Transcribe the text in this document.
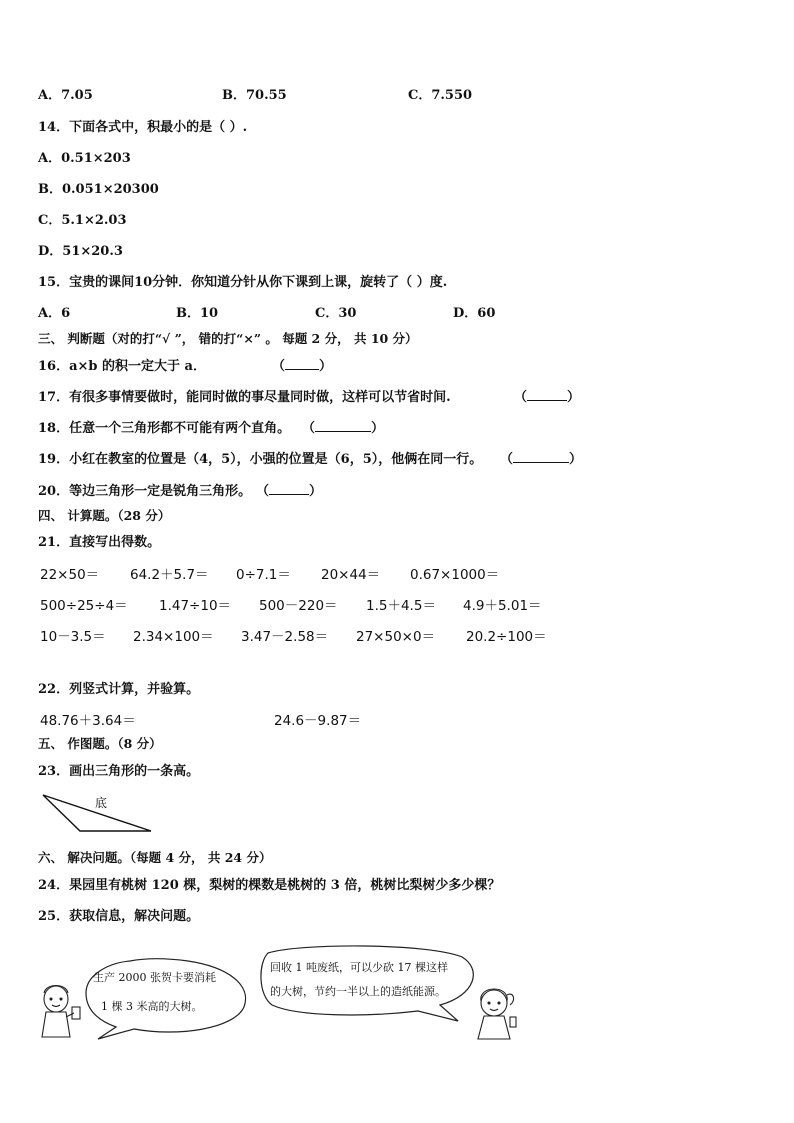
A．7.05	B．70.55	C．7.550
14．下面各式中，积最小的是（ ）.
A．0.51×203
B．0.051×20300
C．5.1×2.03
D．51×20.3
15．宝贵的课间10分钟．你知道分针从你下课到上课，旋转了（ ）度.
A．6	B．10	C．30	D．60
三、 判断题（对的打“√ ”， 错的打“×” 。 每题 2 分， 共 10 分）
16．a×b 的积一定大于 a．	（	）
17．有很多事情要做时，能同时做的事尽量同时做，这样可以节省时间.	（	）
18．任意一个三角形都不可能有两个直角。 （	）
19．小红在教室的位置是（4，5），小强的位置是（6，5），他俩在同一行。 （	）
20．等边三角形一定是锐角三角形。 （	）
四、 计算题。（28 分）
21．直接写出得数。
22×50＝ 64.2＋5.7＝ 0÷7.1＝ 20×44＝ 0.67×1000＝
500÷25÷4＝ 1.47÷10＝ 500－220＝ 1.5＋4.5＝ 4.9＋5.01＝
10－3.5＝ 2.34×100＝ 3.47－2.58＝ 27×50×0＝ 20.2÷100＝
22．列竖式计算，并验算。
48.76＋3.64＝	24.6－9.87＝
五、 作图题。（8 分）
23．画出三角形的一条高。
底
六、 解决问题。（每题 4 分， 共 24 分）
24．果园里有桃树 120 棵，梨树的棵数是桃树的 3 倍，桃树比梨树少多少棵？
25．获取信息，解决问题。
生产 2000 张贺卡要消耗
1 棵 3 米高的大树。
回收 1 吨废纸，可以少砍 17 棵这样
的大树，节约一半以上的造纸能源。
